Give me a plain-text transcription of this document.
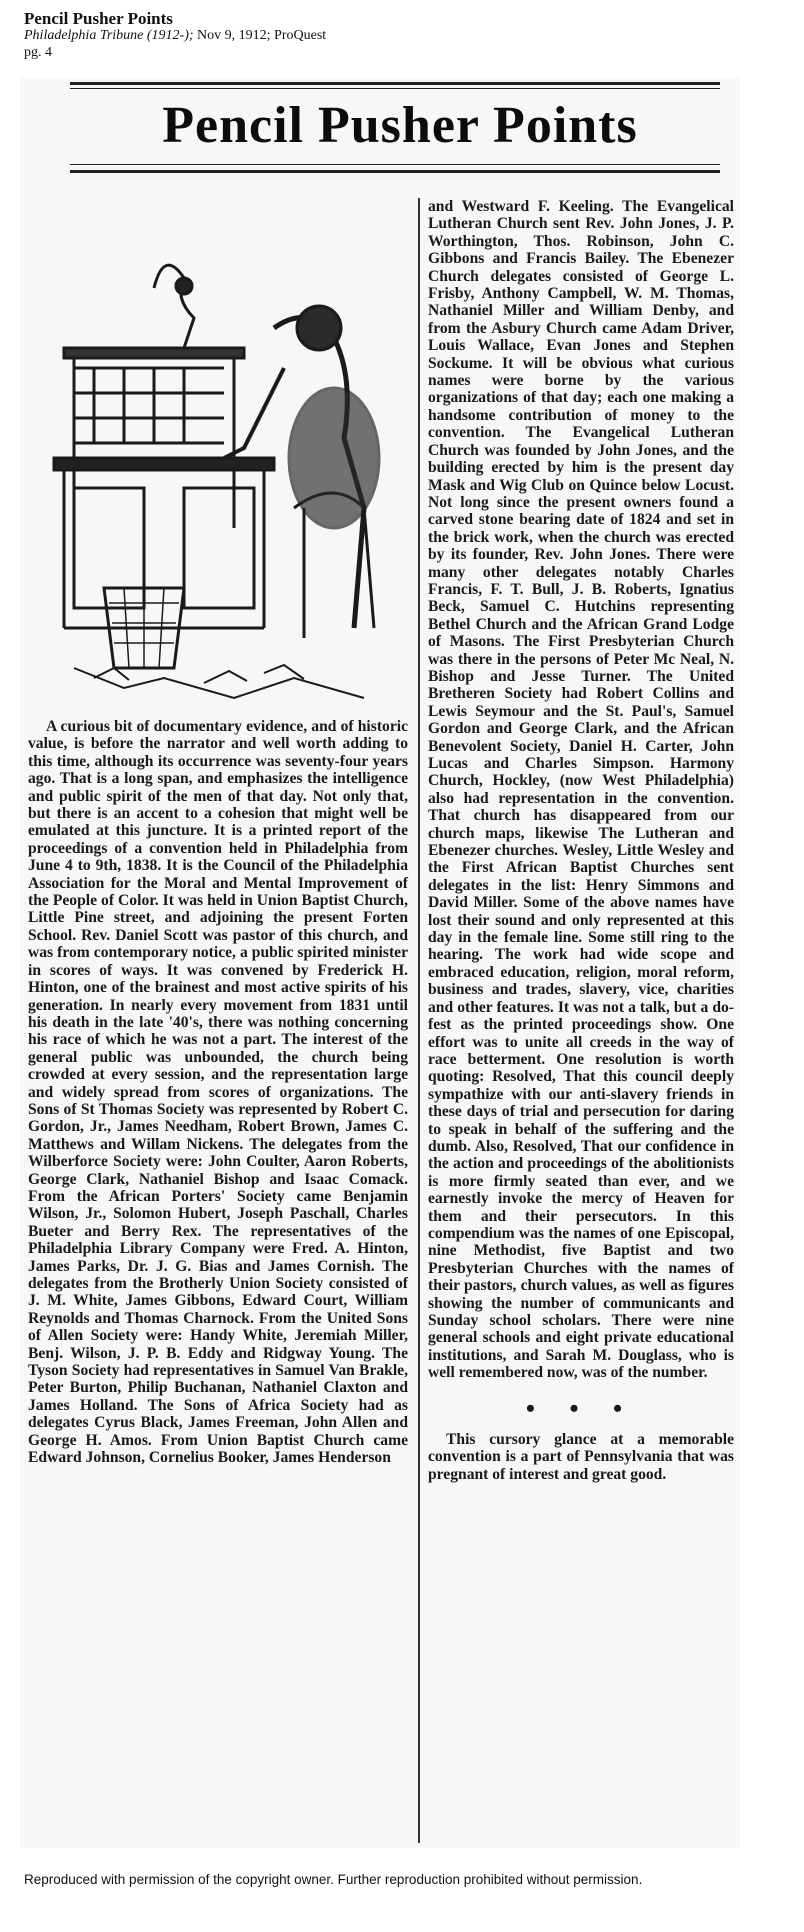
Pencil Pusher Points
Philadelphia Tribune (1912-); Nov 9, 1912; ProQuest
pg. 4
Pencil Pusher Points

A curious bit of documentary evidence, and of historic value, is before the narrator and well worth adding to this time, although its occurrence was seventy-four years ago. That is a long span, and emphasizes the intelligence and public spirit of the men of that day. Not only that, but there is an accent to a cohesion that might well be emulated at this juncture. It is a printed report of the proceedings of a convention held in Philadelphia from June 4 to 9th, 1838. It is the Council of the Philadelphia Association for the Moral and Mental Improvement of the People of Color. It was held in Union Baptist Church, Little Pine street, and adjoining the present Forten School. Rev. Daniel Scott was pastor of this church, and was from contemporary notice, a public spirited minister in scores of ways. It was convened by Frederick H. Hinton, one of the brainest and most active spirits of his generation. In nearly every movement from 1831 until his death in the late '40's, there was nothing concerning his race of which he was not a part. The interest of the general public was unbounded, the church being crowded at every session, and the representation large and widely spread from scores of organizations. The Sons of St Thomas Society was represented by Robert C. Gordon, Jr., James Needham, Robert Brown, James C. Matthews and Willam Nickens. The delegates from the Wilberforce Society were: John Coulter, Aaron Roberts, George Clark, Nathaniel Bishop and Isaac Comack. From the African Porters' Society came Benjamin Wilson, Jr., Solomon Hubert, Joseph Paschall, Charles Bueter and Berry Rex. The representatives of the Philadelphia Library Company were Fred. A. Hinton, James Parks, Dr. J. G. Bias and James Cornish. The delegates from the Brotherly Union Society consisted of J. M. White, James Gibbons, Edward Court, William Reynolds and Thomas Charnock. From the United Sons of Allen Society were: Handy White, Jeremiah Miller, Benj. Wilson, J. P. B. Eddy and Ridgway Young. The Tyson Society had representatives in Samuel Van Brakle, Peter Burton, Philip Buchanan, Nathaniel Claxton and James Holland. The Sons of Africa Society had as delegates Cyrus Black, James Freeman, John Allen and George H. Amos. From Union Baptist Church came Edward Johnson, Cornelius Booker, James Henderson

and Westward F. Keeling. The Evangelical Lutheran Church sent Rev. John Jones, J. P. Worthington, Thos. Robinson, John C. Gibbons and Francis Bailey. The Ebenezer Church delegates consisted of George L. Frisby, Anthony Campbell, W. M. Thomas, Nathaniel Miller and William Denby, and from the Asbury Church came Adam Driver, Louis Wallace, Evan Jones and Stephen Sockume. It will be obvious what curious names were borne by the various organizations of that day; each one making a handsome contribution of money to the convention. The Evangelical Lutheran Church was founded by John Jones, and the building erected by him is the present day Mask and Wig Club on Quince below Locust. Not long since the present owners found a carved stone bearing date of 1824 and set in the brick work, when the church was erected by its founder, Rev. John Jones. There were many other delegates notably Charles Francis, F. T. Bull, J. B. Roberts, Ignatius Beck, Samuel C. Hutchins representing Bethel Church and the African Grand Lodge of Masons. The First Presbyterian Church was there in the persons of Peter Mc Neal, N. Bishop and Jesse Turner. The United Bretheren Society had Robert Collins and Lewis Seymour and the St. Paul's, Samuel Gordon and George Clark, and the African Benevolent Society, Daniel H. Carter, John Lucas and Charles Simpson. Harmony Church, Hockley, (now West Philadelphia) also had representation in the convention. That church has disappeared from our church maps, likewise The Lutheran and Ebenezer churches. Wesley, Little Wesley and the First African Baptist Churches sent delegates in the list: Henry Simmons and David Miller. Some of the above names have lost their sound and only represented at this day in the female line. Some still ring to the hearing. The work had wide scope and embraced education, religion, moral reform, business and trades, slavery, vice, charities and other features. It was not a talk, but a do-fest as the printed proceedings show. One effort was to unite all creeds in the way of race betterment. One resolution is worth quoting: Resolved, That this council deeply sympathize with our anti-slavery friends in these days of trial and persecution for daring to speak in behalf of the suffering and the dumb. Also, Resolved, That our confidence in the action and proceedings of the abolitionists is more firmly seated than ever, and we earnestly invoke the mercy of Heaven for them and their persecutors. In this compendium was the names of one Episcopal, nine Methodist, five Baptist and two Presbyterian Churches with the names of their pastors, church values, as well as figures showing the number of communicants and Sunday school scholars. There were nine general schools and eight private educational institutions, and Sarah M. Douglass, who is well remembered now, was of the number.

• • •

This cursory glance at a memorable convention is a part of Pennsylvania that was pregnant of interest and great good.

Reproduced with permission of the copyright owner. Further reproduction prohibited without permission.
